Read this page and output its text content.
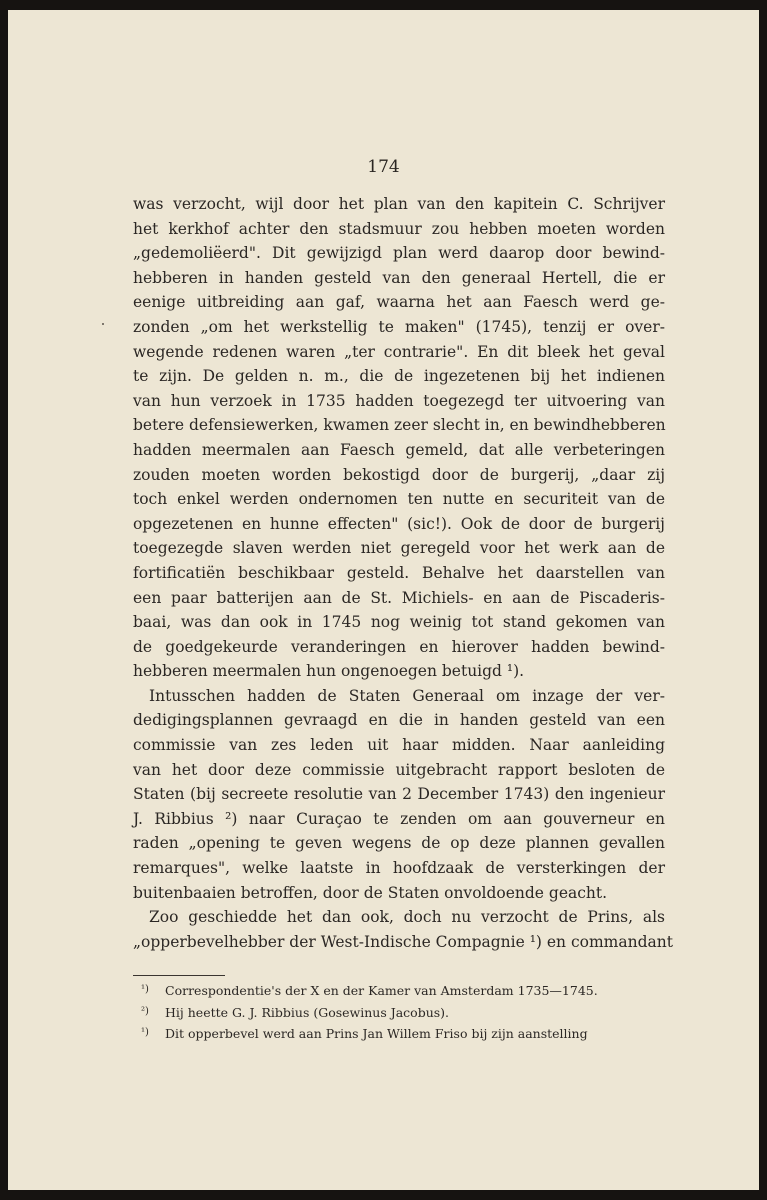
174

was verzocht, wijl door het plan van den kapitein C. Schrijver
het kerkhof achter den stadsmuur zou hebben moeten worden
„gedemoliëerd". Dit gewijzigd plan werd daarop door bewind-
hebberen in handen gesteld van den generaal Hertell, die er
eenige uitbreiding aan gaf, waarna het aan Faesch werd ge-
zonden „om het werkstellig te maken" (1745), tenzij er over-
wegende redenen waren „ter contrarie". En dit bleek het geval
te zijn. De gelden n. m., die de ingezetenen bij het indienen
van hun verzoek in 1735 hadden toegezegd ter uitvoering van
betere defensiewerken, kwamen zeer slecht in, en bewindhebberen
hadden meermalen aan Faesch gemeld, dat alle verbeteringen
zouden moeten worden bekostigd door de burgerij, „daar zij
toch enkel werden ondernomen ten nutte en securiteit van de
opgezetenen en hunne effecten" (sic!). Ook de door de burgerij
toegezegde slaven werden niet geregeld voor het werk aan de
fortificatiën beschikbaar gesteld. Behalve het daarstellen van
een paar batterijen aan de St. Michiels- en aan de Piscaderis-
baai, was dan ook in 1745 nog weinig tot stand gekomen van
de goedgekeurde veranderingen en hierover hadden bewind-
hebberen meermalen hun ongenoegen betuigd ¹).
Intusschen hadden de Staten Generaal om inzage der ver-
dedigingsplannen gevraagd en die in handen gesteld van een
commissie van zes leden uit haar midden. Naar aanleiding
van het door deze commissie uitgebracht rapport besloten de
Staten (bij secreete resolutie van 2 December 1743) den ingenieur
J. Ribbius ²) naar Curaçao te zenden om aan gouverneur en
raden „opening te geven wegens de op deze plannen gevallen
remarques", welke laatste in hoofdzaak de versterkingen der
buitenbaaien betroffen, door de Staten onvoldoende geacht.
Zoo geschiedde het dan ook, doch nu verzocht de Prins, als
„opperbevelhebber der West-Indische Compagnie ¹) en commandant
¹) Correspondentie's der X en der Kamer van Amsterdam 1735—1745.
²) Hij heette G. J. Ribbius (Gosewinus Jacobus).
¹) Dit opperbevel werd aan Prins Jan Willem Friso bij zijn aanstelling
